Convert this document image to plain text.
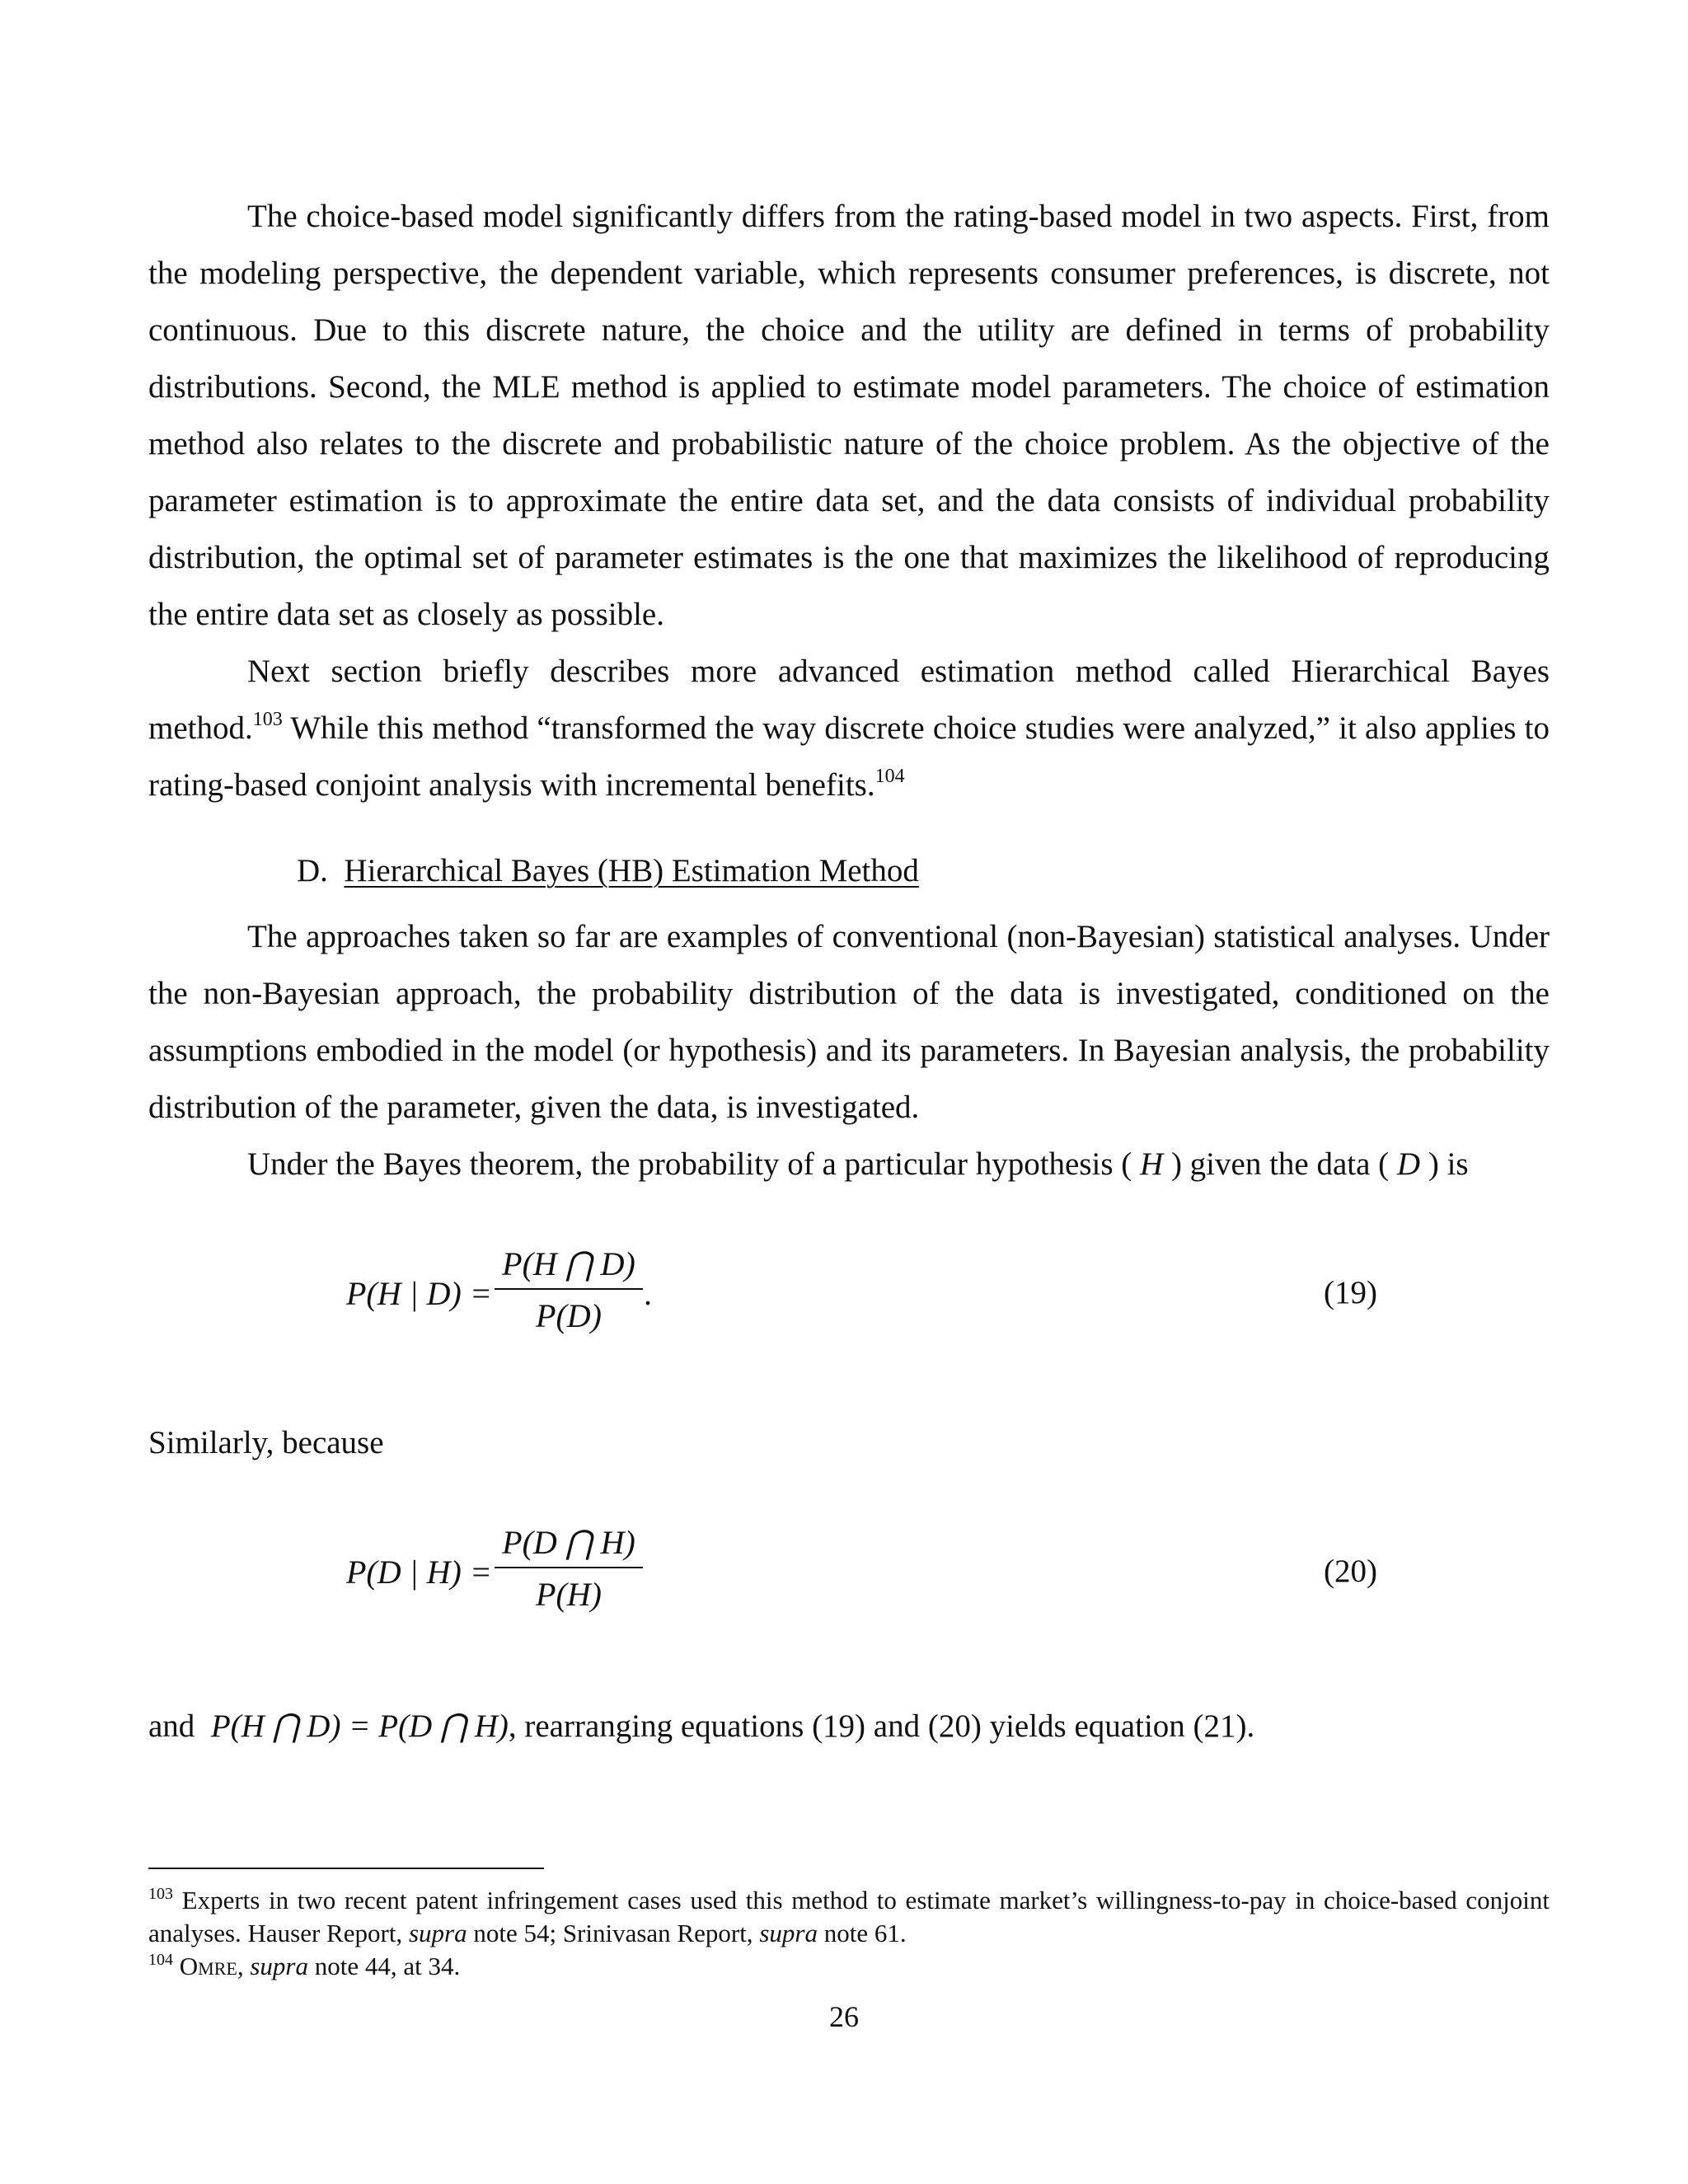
The choice-based model significantly differs from the rating-based model in two aspects. First, from the modeling perspective, the dependent variable, which represents consumer preferences, is discrete, not continuous. Due to this discrete nature, the choice and the utility are defined in terms of probability distributions. Second, the MLE method is applied to estimate model parameters. The choice of estimation method also relates to the discrete and probabilistic nature of the choice problem. As the objective of the parameter estimation is to approximate the entire data set, and the data consists of individual probability distribution, the optimal set of parameter estimates is the one that maximizes the likelihood of reproducing the entire data set as closely as possible.

Next section briefly describes more advanced estimation method called Hierarchical Bayes method.$^{103}$ While this method “transformed the way discrete choice studies were analyzed,” it also applies to rating-based conjoint analysis with incremental benefits.$^{104}$

D. Hierarchical Bayes (HB) Estimation Method

The approaches taken so far are examples of conventional (non-Bayesian) statistical analyses. Under the non-Bayesian approach, the probability distribution of the data is investigated, conditioned on the assumptions embodied in the model (or hypothesis) and its parameters. In Bayesian analysis, the probability distribution of the parameter, given the data, is investigated.

Under the Bayes theorem, the probability of a particular hypothesis ( H ) given the data ( D ) is

P(H | D) =
P(H ⋂ D)
P(D)
.	(19)
Similarly, because
P(D | H) =
P(D ⋂ H)
P(H)
(20)
and P(H ⋂ D) = P(D ⋂ H), rearranging equations (19) and (20) yields equation (21).

$^{103}$ Experts in two recent patent infringement cases used this method to estimate market’s willingness-to-pay in choice-based conjoint analyses. Hauser Report, supra note 54; Srinivasan Report, supra note 61.

$^{104}$ Omre, supra note 44, at 34.

26
